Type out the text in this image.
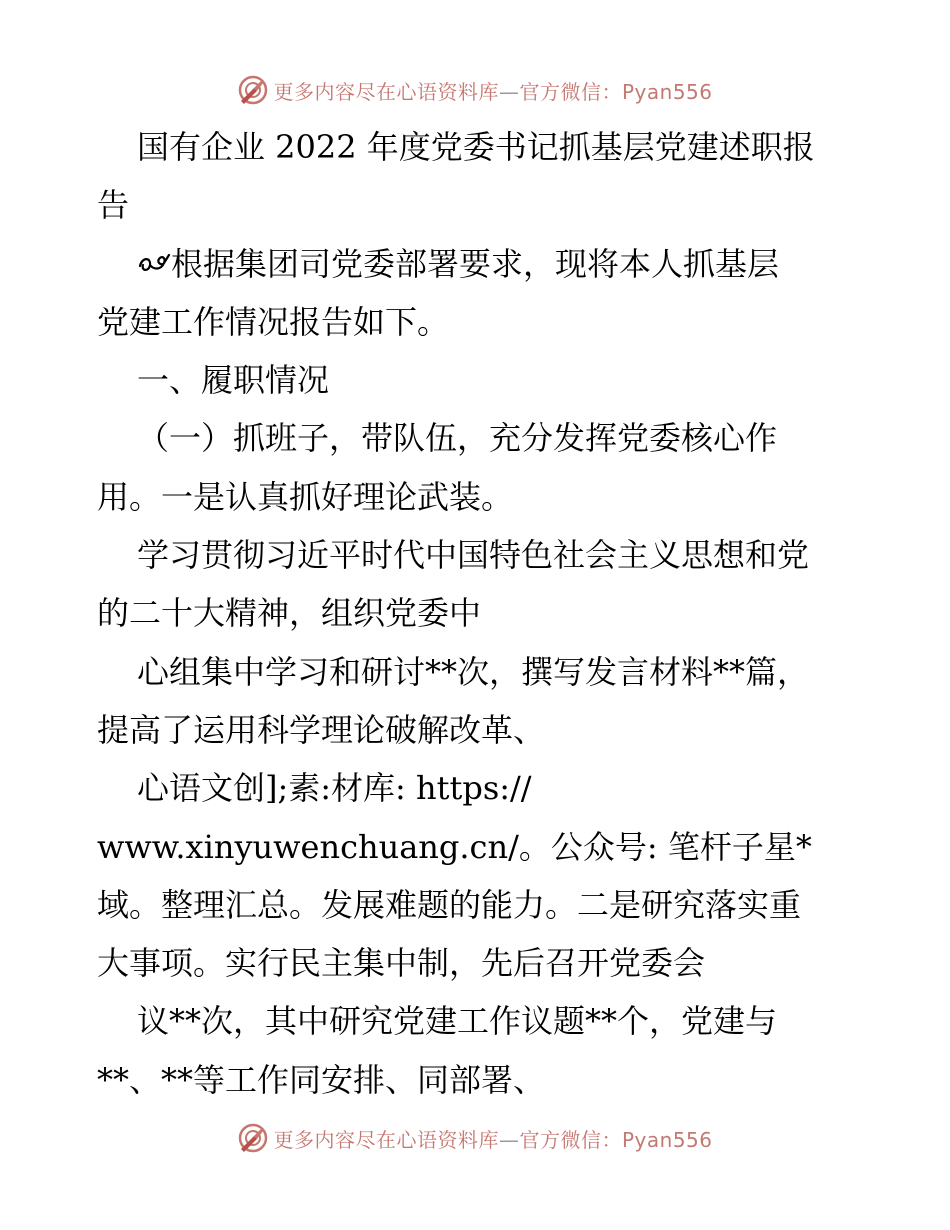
更多内容尽在心语资料库—官方微信：Pyan556
国有企业 2022 年度党委书记抓基层党建述职报
告
根据集团司党委部署要求，现将本人抓基层
党建工作情况报告如下。
一、履职情况
（一）抓班子，带队伍，充分发挥党委核心作
用。一是认真抓好理论武装。
学习贯彻习近平时代中国特色社会主义思想和党
的二十大精神，组织党委中
心组集中学习和研讨**次，撰写发言材料**篇，
提高了运用科学理论破解改革、
心语文创];素:材库: https://
www.xinyuwenchuang.cn/。公众号: 笔杆子星*
域。整理汇总。发展难题的能力。二是研究落实重
大事项。实行民主集中制，先后召开党委会
议**次，其中研究党建工作议题**个，党建与
**、**等工作同安排、同部署、
更多内容尽在心语资料库—官方微信：Pyan556
